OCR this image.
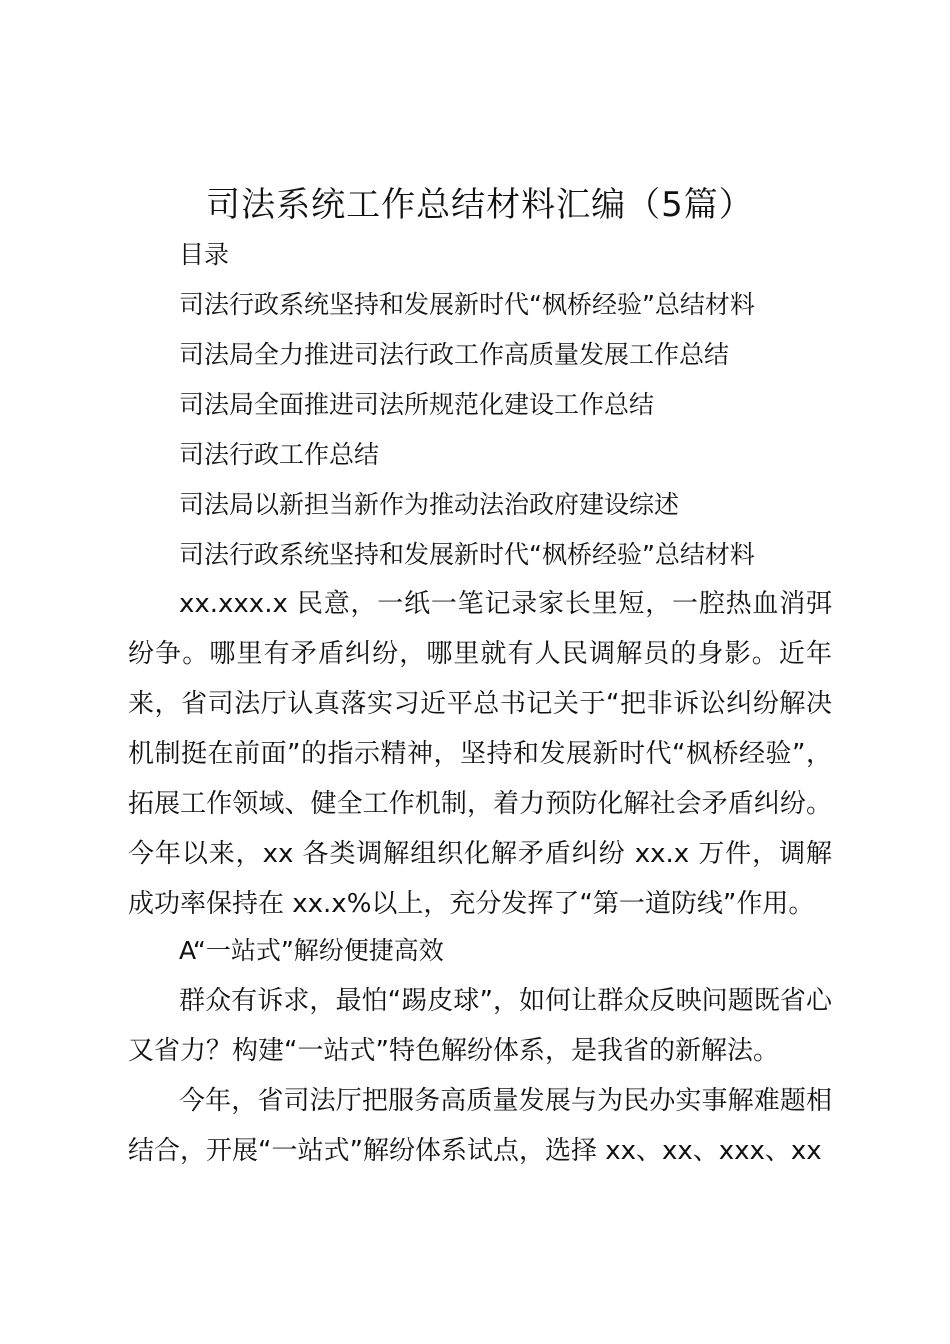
司法系统工作总结材料汇编（5篇）
目录
司法行政系统坚持和发展新时代“枫桥经验”总结材料
司法局全力推进司法行政工作高质量发展工作总结
司法局全面推进司法所规范化建设工作总结
司法行政工作总结
司法局以新担当新作为推动法治政府建设综述
司法行政系统坚持和发展新时代“枫桥经验”总结材料

xx.xxx.x 民意，一纸一笔记录家长里短，一腔热血消弭纷争。哪里有矛盾纠纷，哪里就有人民调解员的身影。近年来，省司法厅认真落实习近平总书记关于“把非诉讼纠纷解决机制挺在前面”的指示精神，坚持和发展新时代“枫桥经验”，拓展工作领域、健全工作机制，着力预防化解社会矛盾纠纷。今年以来，xx 各类调解组织化解矛盾纠纷 xx.x 万件，调解成功率保持在 xx.x%以上，充分发挥了“第一道防线”作用。

A“一站式”解纷便捷高效

群众有诉求，最怕“踢皮球”，如何让群众反映问题既省心又省力？构建“一站式”特色解纷体系，是我省的新解法。

今年，省司法厅把服务高质量发展与为民办实事解难题相结合，开展“一站式”解纷体系试点，选择 xx、xx、xxx、xx
